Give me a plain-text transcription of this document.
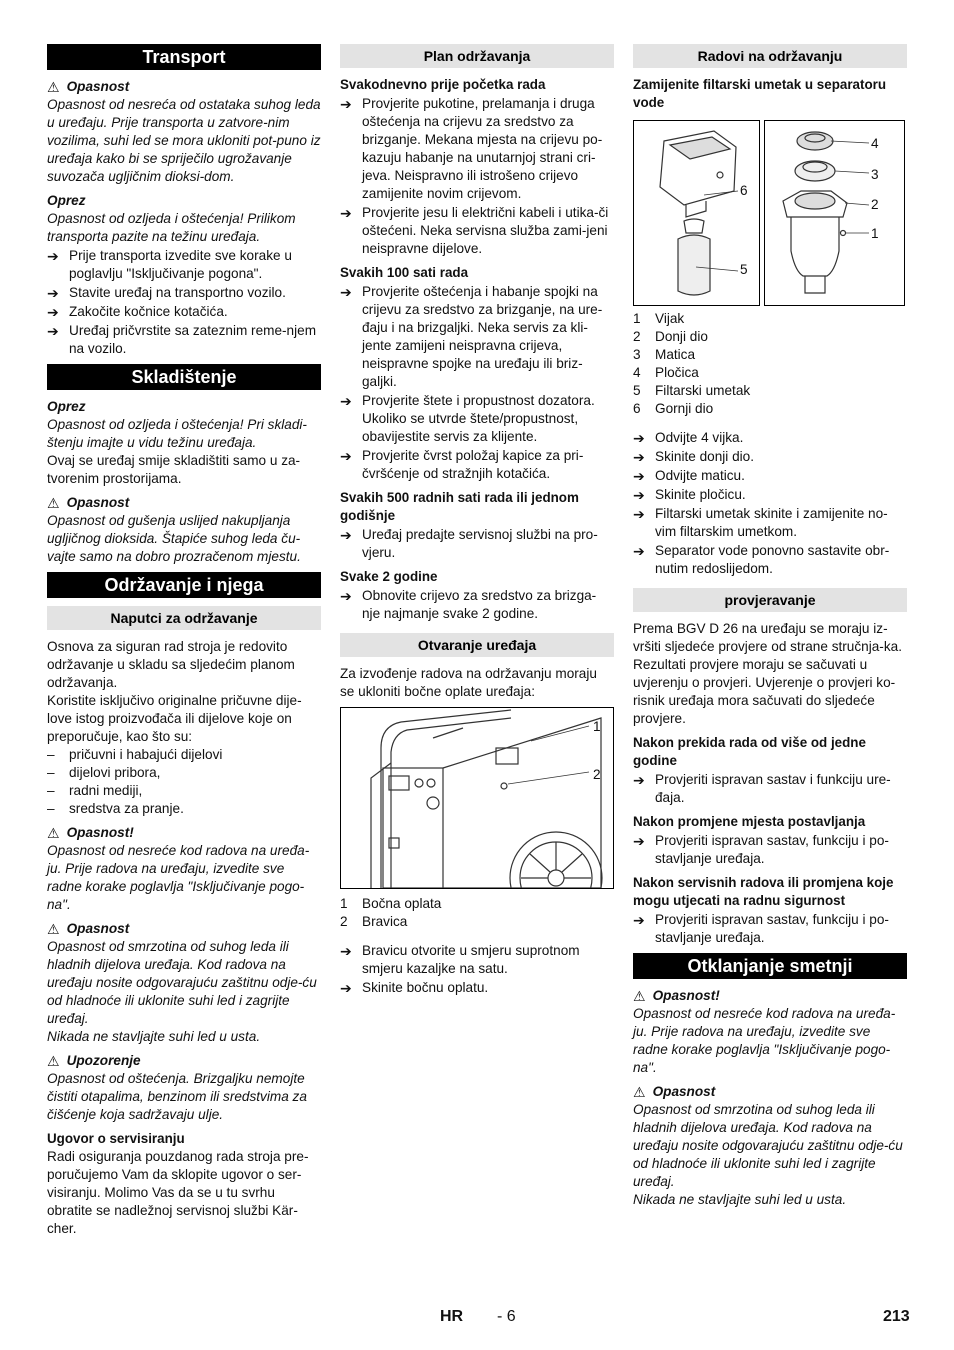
Transport
⚠ Opasnost

Opasnost od nesreća od ostataka suhog leda u uređaju. Prije transporta u zatvore-nim vozilima, suhi led se mora ukloniti pot-puno iz uređaja kako bi se spriječilo ugrožavanje suvozača ugljičnim dioksi-dom.

Oprez

Opasnost od ozljeda i oštećenja! Prilikom transporta pazite na težinu uređaja.

➔ Prije transporta izvedite sve korake u poglavlju "Isključivanje pogona".
➔ Stavite uređaj na transportno vozilo.
➔ Zakočite kočnice kotačića.
➔ Uređaj pričvrstite sa zateznim reme-njem na vozilo.
Skladištenje
Oprez

Opasnost od ozljeda i oštećenja! Pri skladi-štenju imajte u vidu težinu uređaja.

Ovaj se uređaj smije skladištiti samo u za-tvorenim prostorijama.

⚠ Opasnost

Opasnost od gušenja uslijed nakupljanja ugljičnog dioksida. Štapiće suhog leda ču-vajte samo na dobro prozračenom mjestu.

Održavanje i njega
Naputci za održavanje

Osnova za siguran rad stroja je redovito održavanje u skladu sa sljedećim planom održavanja.

Koristite isključivo originalne pričuvne dije-love istog proizvođača ili dijelove koje on preporučuje, kao što su:

–	pričuvni i habajući dijelovi
–	dijelovi pribora,
–	radni mediji,
–	sredstva za pranje.
⚠ Opasnost!

Opasnost od nesreće kod radova na uređa-ju. Prije radova na uređaju, izvedite sve radne korake poglavlja "Isključivanje pogo-na".

⚠ Opasnost

Opasnost od smrzotina od suhog leda ili hladnih dijelova uređaja. Kod radova na uređaju nosite odgovarajuću zaštitnu odje-ću od hladnoće ili uklonite suhi led i zagrijte uređaj.

Nikada ne stavljajte suhi led u usta.

⚠ Upozorenje

Opasnost od oštećenja. Brizgaljku nemojte čistiti otapalima, benzinom ili sredstvima za čišćenje koja sadržavaju ulje.

Ugovor o servisiranju

Radi osiguranja pouzdanog rada stroja pre-poručujemo Vam da sklopite ugovor o ser-visiranju. Molimo Vas da se u tu svrhu obratite se nadležnoj servisnoj službi Kär-cher.

Plan održavanja
Svakodnevno prije početka rada
➔ Provjerite pukotine, prelamanja i druga oštećenja na crijevu za sredstvo za brizganje. Mekana mjesta na crijevu po-kazuju habanje na unutarnjoj strani cri-jeva. Neispravno ili istrošeno crijevo zamijenite novim crijevom.
➔ Provjerite jesu li električni kabeli i utika-či oštećeni. Neka servisna služba zami-jeni neispravne dijelove.
Svakih 100 sati rada
➔ Provjerite oštećenja i habanje spojki na crijevu za sredstvo za brizganje, na ure-đaju i na brizgaljki. Neka servis za kli-jente zamijeni neispravna crijeva, neispravne spojke na uređaju ili briz-galjki.
➔ Provjerite štete i propustnost dozatora. Ukoliko se utvrde štete/propustnost, obavijestite servis za klijente.
➔ Provjerite čvrst položaj kapice za pri-čvršćenje od stražnjih kotačića.
Svakih 500 radnih sati rada ili jednom godišnje
➔ Uređaj predajte servisnoj službi na pro-vjeru.
Svake 2 godine
➔ Obnovite crijevo za sredstvo za brizga-nje najmanje svake 2 godine.
Otvaranje uređaja

Za izvođenje radova na održavanju moraju se ukloniti bočne oplate uređaja:

1
2
1	Bočna oplata
2	Bravica
➔ Bravicu otvorite u smjeru suprotnom smjeru kazaljke na satu.
➔ Skinite bočnu oplatu.
Radovi na održavanju
Zamijenite filtarski umetak u separatoru vode
6
5
4
3
2
1
1	Vijak
2	Donji dio
3	Matica
4	Pločica
5	Filtarski umetak
6	Gornji dio
➔ Odvijte 4 vijka.
➔ Skinite donji dio.
➔ Odvijte maticu.
➔ Skinite pločicu.
➔ Filtarski umetak skinite i zamijenite no-vim filtarskim umetkom.
➔ Separator vode ponovno sastavite obr-nutim redoslijedom.
provjeravanje

Prema BGV D 26 na uređaju se moraju iz-vršiti sljedeće provjere od strane stručnja-ka. Rezultati provjere moraju se sačuvati u uvjerenju o provjeri. Uvjerenje o provjeri ko-risnik uređaja mora sačuvati do sljedeće provjere.

Nakon prekida rada od više od jedne godine
➔ Provjeriti ispravan sastav i funkciju ure-đaja.
Nakon promjene mjesta postavljanja
➔ Provjeriti ispravan sastav, funkciju i po-stavljanje uređaja.
Nakon servisnih radova ili promjena koje mogu utjecati na radnu sigurnost
➔ Provjeriti ispravan sastav, funkciju i po-stavljanje uređaja.
Otklanjanje smetnji
⚠ Opasnost!

Opasnost od nesreće kod radova na uređa-ju. Prije radova na uređaju, izvedite sve radne korake poglavlja "Isključivanje pogo-na".

⚠ Opasnost

Opasnost od smrzotina od suhog leda ili hladnih dijelova uređaja. Kod radova na uređaju nosite odgovarajuću zaštitnu odje-ću od hladnoće ili uklonite suhi led i zagrijte uređaj.

Nikada ne stavljajte suhi led u usta.

HR - 6	213
